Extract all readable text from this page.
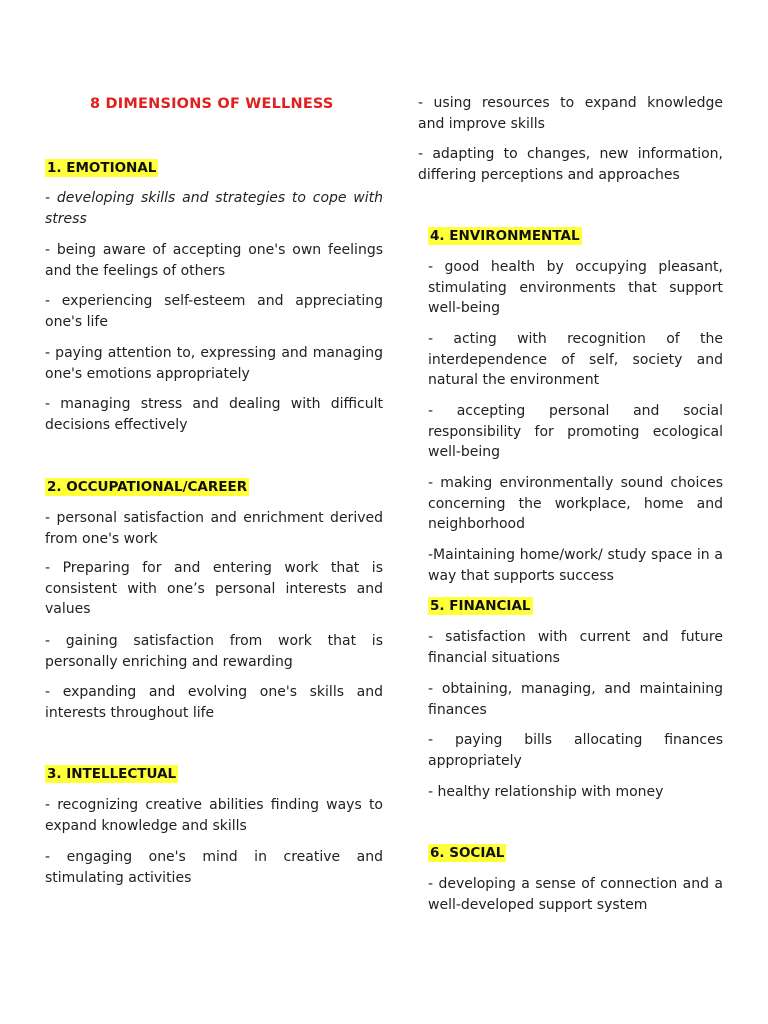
8 DIMENSIONS OF WELLNESS
1. EMOTIONAL

- developing skills and strategies to cope with stress

- being aware of accepting one's own feelings and the feelings of others

- experiencing self-esteem and appreciating one's life

- paying attention to, expressing and managing one's emotions appropriately

- managing stress and dealing with difficult decisions effectively

2. OCCUPATIONAL/CAREER

- personal satisfaction and enrichment derived from one's work

- Preparing for and entering work that is consistent with one’s personal interests and values

- gaining satisfaction from work that is personally enriching and rewarding

- expanding and evolving one's skills and interests throughout life

3. INTELLECTUAL

- recognizing creative abilities finding ways to expand knowledge and skills

- engaging one's mind in creative and stimulating activities

- using resources to expand knowledge and improve skills

- adapting to changes, new information, differing perceptions and approaches

4. ENVIRONMENTAL

- good health by occupying pleasant, stimulating environments that support well-being

- acting with recognition of the interdependence of self, society and natural the environment

- accepting personal and social responsibility for promoting ecological well-being

- making environmentally sound choices concerning the workplace, home and neighborhood

-Maintaining home/work/ study space in a way that supports success

5. FINANCIAL

- satisfaction with current and future financial situations

- obtaining, managing, and maintaining finances

- paying bills allocating finances appropriately

- healthy relationship with money

6. SOCIAL

- developing a sense of connection and a well-developed support system
